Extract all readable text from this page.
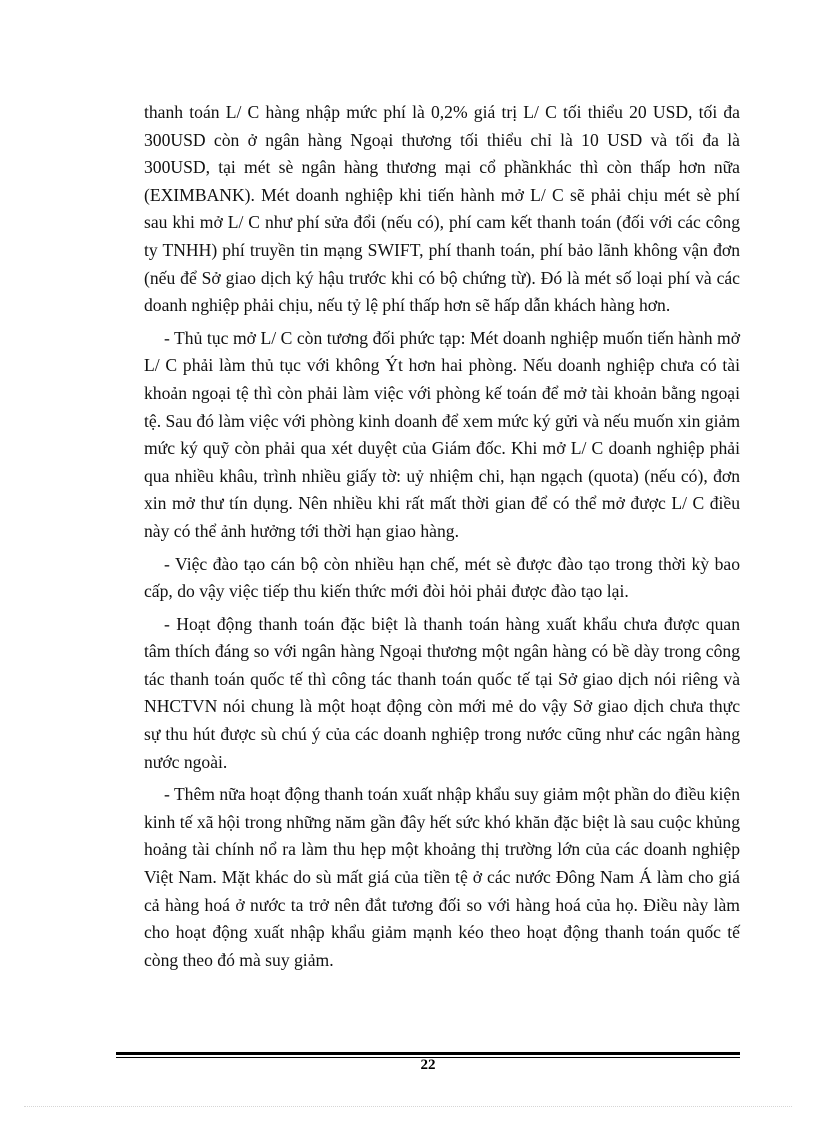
thanh toán L/ C hàng nhập mức phí là 0,2% giá trị L/ C tối thiểu 20 USD, tối đa 300USD còn ở ngân hàng Ngoại thương tối thiểu chỉ là 10 USD và tối đa là 300USD, tại mét sè ngân hàng thương mại cổ phầnkhác thì còn thấp hơn nữa (EXIMBANK). Mét doanh nghiệp khi tiến hành mở L/ C sẽ phải chịu mét sè phí sau khi mở L/ C như phí sửa đổi (nếu có), phí cam kết thanh toán (đối với các công ty TNHH) phí truyền tin mạng SWIFT, phí thanh toán, phí bảo lãnh không vận đơn (nếu để Sở giao dịch ký hậu trước khi có bộ chứng từ). Đó là mét số loại phí và các doanh nghiệp phải chịu, nếu tỷ lệ phí thấp hơn sẽ hấp dẫn khách hàng hơn.

- Thủ tục mở L/ C còn tương đối phức tạp: Mét doanh nghiệp muốn tiến hành mở L/ C phải làm thủ tục với không Ýt hơn hai phòng. Nếu doanh nghiệp chưa có tài khoản ngoại tệ thì còn phải làm việc với phòng kế toán để mở tài khoản bằng ngoại tệ. Sau đó làm việc với phòng kinh doanh để xem mức ký gửi và nếu muốn xin giảm mức ký quỹ còn phải qua xét duyệt của Giám đốc. Khi mở L/ C doanh nghiệp phải qua nhiều khâu, trình nhiều giấy tờ: uỷ nhiệm chi, hạn ngạch (quota) (nếu có), đơn xin mở thư tín dụng. Nên nhiều khi rất mất thời gian để có thể mở được L/ C điều này có thể ảnh hưởng tới thời hạn giao hàng.

- Việc đào tạo cán bộ còn nhiều hạn chế, mét sè được đào tạo trong thời kỳ bao cấp, do vậy việc tiếp thu kiến thức mới đòi hỏi phải được đào tạo lại.

- Hoạt động thanh toán đặc biệt là thanh toán hàng xuất khẩu chưa được quan tâm thích đáng so với ngân hàng Ngoại thương một ngân hàng có bề dày trong công tác thanh toán quốc tế thì công tác thanh toán quốc tế tại Sở giao dịch nói riêng và NHCTVN nói chung là một hoạt động còn mới mẻ do vậy Sở giao dịch chưa thực sự thu hút được sù chú ý của các doanh nghiệp trong nước cũng như các ngân hàng nước ngoài.

- Thêm nữa hoạt động thanh toán xuất nhập khẩu suy giảm một phần do điều kiện kinh tế xã hội trong những năm gần đây hết sức khó khăn đặc biệt là sau cuộc khủng hoảng tài chính nổ ra làm thu hẹp một khoảng thị trường lớn của các doanh nghiệp Việt Nam. Mặt khác do sù mất giá của tiền tệ ở các nước Đông Nam Á làm cho giá cả hàng hoá ở nước ta trở nên đắt tương đối so với hàng hoá của họ. Điều này làm cho hoạt động xuất nhập khẩu giảm mạnh kéo theo hoạt động thanh toán quốc tế còng theo đó mà suy giảm.

22
